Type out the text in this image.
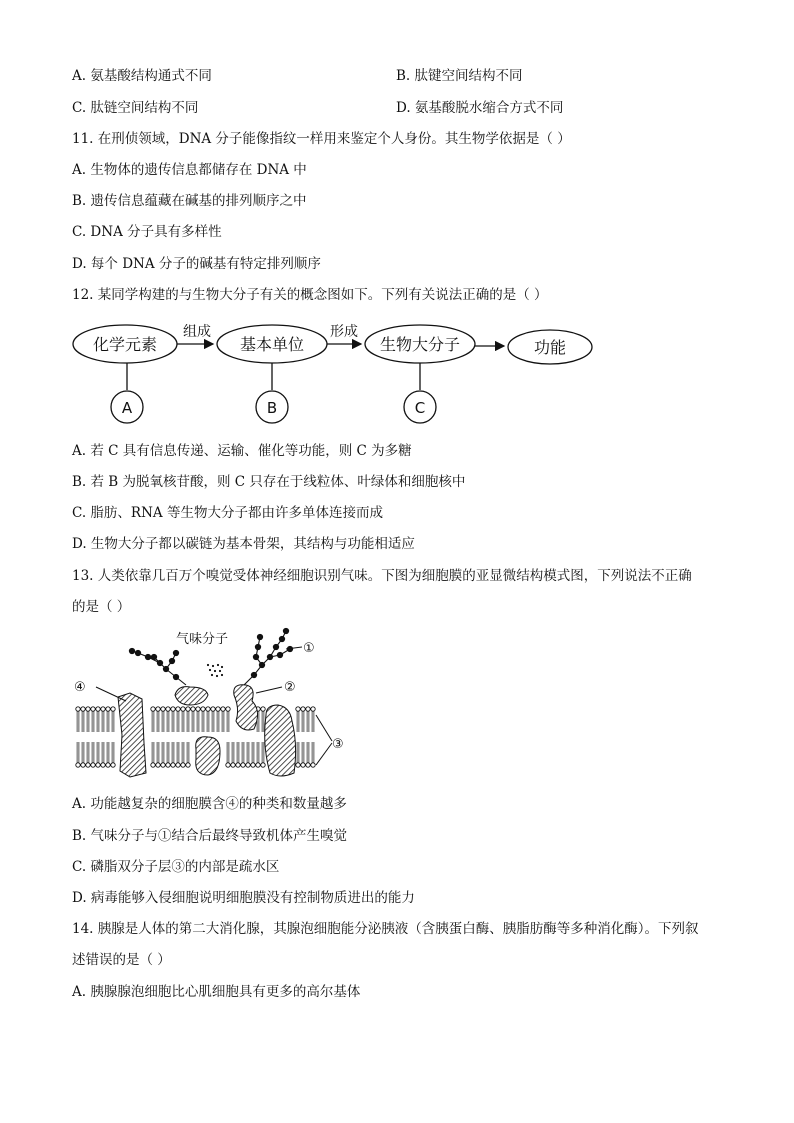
A. 氨基酸结构通式不同	B. 肽键空间结构不同
C. 肽链空间结构不同	D. 氨基酸脱水缩合方式不同
11. 在刑侦领域，DNA 分子能像指纹一样用来鉴定个人身份。其生物学依据是（ ）
A. 生物体的遗传信息都储存在 DNA 中
B. 遗传信息蕴藏在碱基的排列顺序之中
C. DNA 分子具有多样性
D. 每个 DNA 分子的碱基有特定排列顺序
12. 某同学构建的与生物大分子有关的概念图如下。下列有关说法正确的是（ ）
化学元素	基本单位	生物大分子	功能
组成	形成
A	B	C
A. 若 C 具有信息传递、运输、催化等功能，则 C 为多糖
B. 若 B 为脱氧核苷酸，则 C 只存在于线粒体、叶绿体和细胞核中
C. 脂肪、RNA 等生物大分子都由许多单体连接而成
D. 生物大分子都以碳链为基本骨架，其结构与功能相适应
13. 人类依靠几百万个嗅觉受体神经细胞识别气味。下图为细胞膜的亚显微结构模式图，下列说法不正确
的是（ ）
气味分子
①
②
③
④
A. 功能越复杂的细胞膜含④的种类和数量越多
B. 气味分子与①结合后最终导致机体产生嗅觉
C. 磷脂双分子层③的内部是疏水区
D. 病毒能够入侵细胞说明细胞膜没有控制物质进出的能力
14. 胰腺是人体的第二大消化腺，其腺泡细胞能分泌胰液（含胰蛋白酶、胰脂肪酶等多种消化酶）。下列叙
述错误的是（ ）
A. 胰腺腺泡细胞比心肌细胞具有更多的高尔基体
